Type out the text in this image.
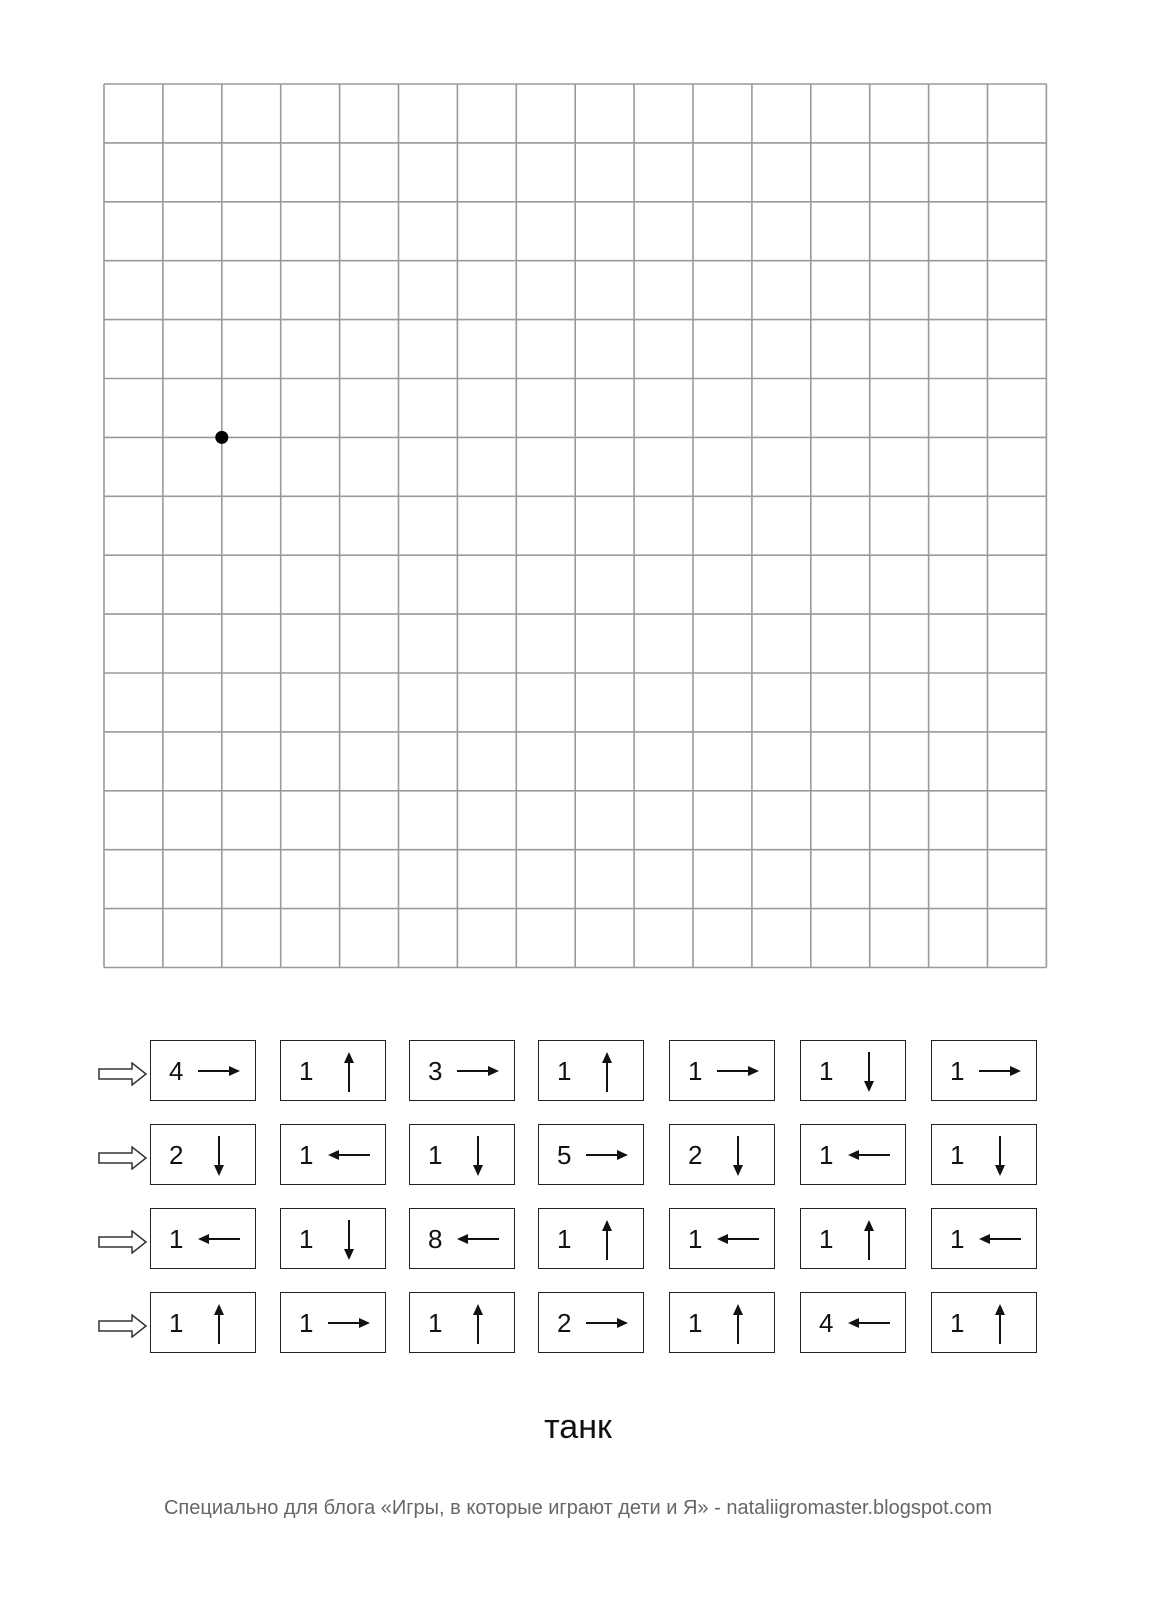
4	1	3	1	1	1	1
2	1	1	5	2	1	1
1	1	8	1	1	1	1
1	1	1	2	1	4	1
танк
Специально для блога «Игры, в которые играют дети и Я» - nataliigromaster.blogspot.com
